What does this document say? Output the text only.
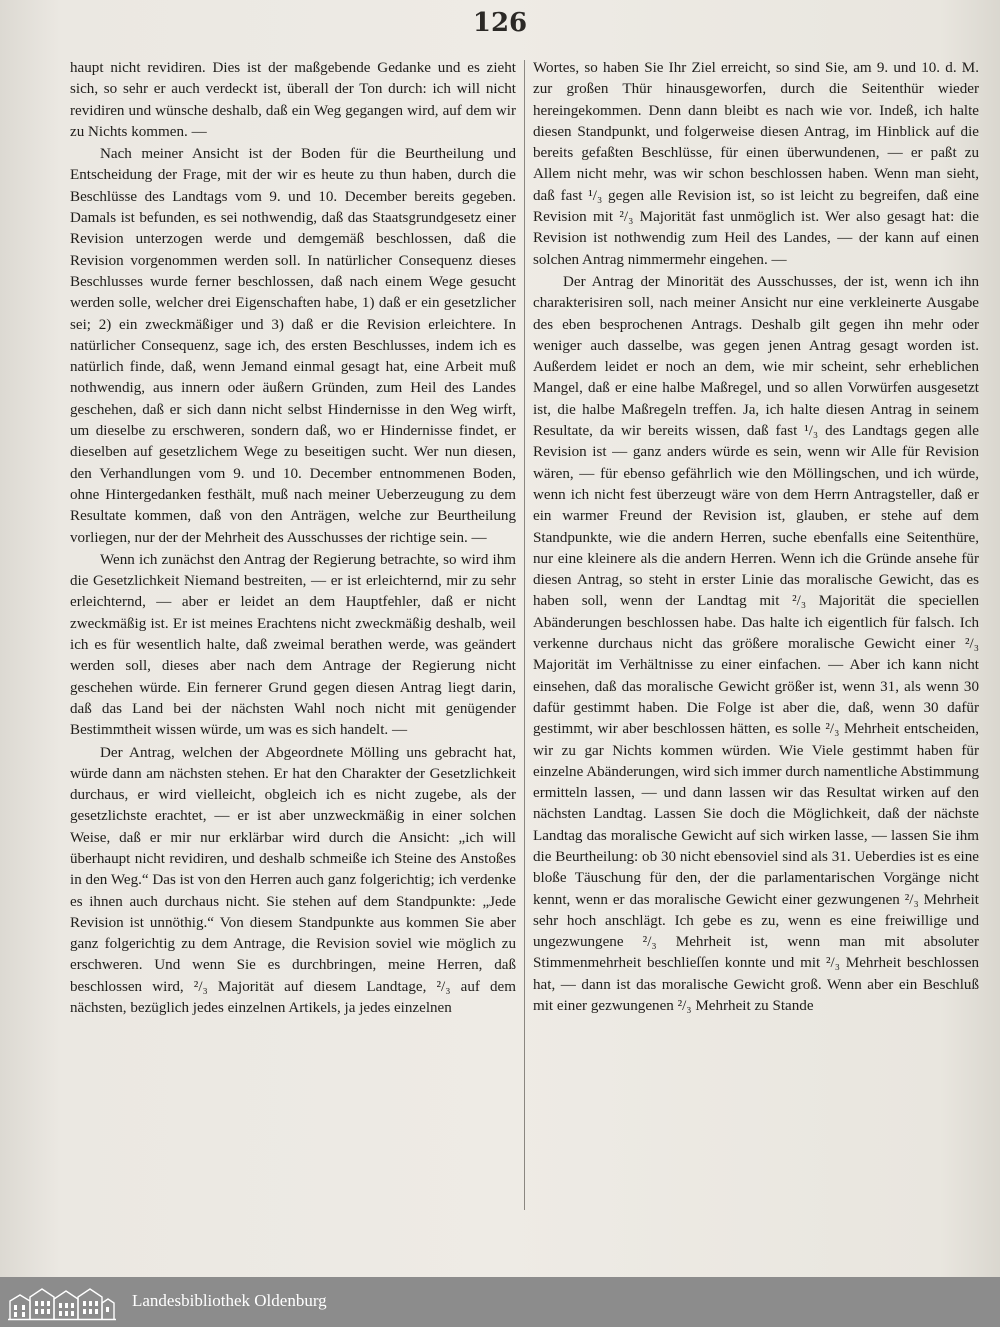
126

haupt nicht revidiren. Dies ist der maßgebende Gedanke und es zieht sich, so sehr er auch verdeckt ist, überall der Ton durch: ich will nicht revidiren und wünsche deshalb, daß ein Weg gegangen wird, auf dem wir zu Nichts kommen. —

Nach meiner Ansicht ist der Boden für die Beurtheilung und Entscheidung der Frage, mit der wir es heute zu thun haben, durch die Beschlüsse des Landtags vom 9. und 10. December bereits gegeben. Damals ist befunden, es sei nothwendig, daß das Staatsgrundgesetz einer Revision unterzogen werde und demgemäß beschlossen, daß die Revision vorgenommen werden soll. In natürlicher Consequenz dieses Beschlusses wurde ferner beschlossen, daß nach einem Wege gesucht werden solle, welcher drei Eigenschaften habe, 1) daß er ein gesetzlicher sei; 2) ein zweckmäßiger und 3) daß er die Revision erleichtere. In natürlicher Consequenz, sage ich, des ersten Beschlusses, indem ich es natürlich finde, daß, wenn Jemand einmal gesagt hat, eine Arbeit muß nothwendig, aus innern oder äußern Gründen, zum Heil des Landes geschehen, daß er sich dann nicht selbst Hindernisse in den Weg wirft, um dieselbe zu erschweren, sondern daß, wo er Hindernisse findet, er dieselben auf gesetzlichem Wege zu beseitigen sucht. Wer nun diesen, den Verhandlungen vom 9. und 10. December entnommenen Boden, ohne Hintergedanken festhält, muß nach meiner Ueberzeugung zu dem Resultate kommen, daß von den Anträgen, welche zur Beurtheilung vorliegen, nur der der Mehrheit des Ausschusses der richtige sein. —

Wenn ich zunächst den Antrag der Regierung betrachte, so wird ihm die Gesetzlichkeit Niemand bestreiten, — er ist erleichternd, mir zu sehr erleichternd, — aber er leidet an dem Hauptfehler, daß er nicht zweckmäßig ist. Er ist meines Erachtens nicht zweckmäßig deshalb, weil ich es für wesentlich halte, daß zweimal berathen werde, was geändert werden soll, dieses aber nach dem Antrage der Regierung nicht geschehen würde. Ein fernerer Grund gegen diesen Antrag liegt darin, daß das Land bei der nächsten Wahl noch nicht mit genügender Bestimmtheit wissen würde, um was es sich handelt. —

Der Antrag, welchen der Abgeordnete Mölling uns gebracht hat, würde dann am nächsten stehen. Er hat den Charakter der Gesetzlichkeit durchaus, er wird vielleicht, obgleich ich es nicht zugebe, als der gesetzlichste erachtet, — er ist aber unzweckmäßig in einer solchen Weise, daß er mir nur erklärbar wird durch die Ansicht: „ich will überhaupt nicht revidiren, und deshalb schmeiße ich Steine des Anstoßes in den Weg.“ Das ist von den Herren auch ganz folgerichtig; ich verdenke es ihnen auch durchaus nicht. Sie stehen auf dem Standpunkte: „Jede Revision ist unnöthig.“ Von diesem Standpunkte aus kommen Sie aber ganz folgerichtig zu dem Antrage, die Revision soviel wie möglich zu erschweren. Und wenn Sie es durchbringen, meine Herren, daß beschlossen wird, ²/₃ Majorität auf diesem Landtage, ²/₃ auf dem nächsten, bezüglich jedes einzelnen Artikels, ja jedes einzelnen

Wortes, so haben Sie Ihr Ziel erreicht, so sind Sie, am 9. und 10. d. M. zur großen Thür hinausgeworfen, durch die Seitenthür wieder hereingekommen. Denn dann bleibt es nach wie vor. Indeß, ich halte diesen Standpunkt, und folgerweise diesen Antrag, im Hinblick auf die bereits gefaßten Beschlüsse, für einen überwundenen, — er paßt zu Allem nicht mehr, was wir schon beschlossen haben. Wenn man sieht, daß fast ¹/₃ gegen alle Revision ist, so ist leicht zu begreifen, daß eine Revision mit ²/₃ Majorität fast unmöglich ist. Wer also gesagt hat: die Revision ist nothwendig zum Heil des Landes, — der kann auf einen solchen Antrag nimmermehr eingehen. —

Der Antrag der Minorität des Ausschusses, der ist, wenn ich ihn charakterisiren soll, nach meiner Ansicht nur eine verkleinerte Ausgabe des eben besprochenen Antrags. Deshalb gilt gegen ihn mehr oder weniger auch dasselbe, was gegen jenen Antrag gesagt worden ist. Außerdem leidet er noch an dem, wie mir scheint, sehr erheblichen Mangel, daß er eine halbe Maßregel, und so allen Vorwürfen ausgesetzt ist, die halbe Maßregeln treffen. Ja, ich halte diesen Antrag in seinem Resultate, da wir bereits wissen, daß fast ¹/₃ des Landtags gegen alle Revision ist — ganz anders würde es sein, wenn wir Alle für Revision wären, — für ebenso gefährlich wie den Möllingschen, und ich würde, wenn ich nicht fest überzeugt wäre von dem Herrn Antragsteller, daß er ein warmer Freund der Revision ist, glauben, er stehe auf dem Standpunkte, wie die andern Herren, suche ebenfalls eine Seitenthüre, nur eine kleinere als die andern Herren. Wenn ich die Gründe ansehe für diesen Antrag, so steht in erster Linie das moralische Gewicht, das es haben soll, wenn der Landtag mit ²/₃ Majorität die speciellen Abänderungen beschlossen habe. Das halte ich eigentlich für falsch. Ich verkenne durchaus nicht das größere moralische Gewicht einer ²/₃ Majorität im Verhältnisse zu einer einfachen. — Aber ich kann nicht einsehen, daß das moralische Gewicht größer ist, wenn 31, als wenn 30 dafür gestimmt haben. Die Folge ist aber die, daß, wenn 30 dafür gestimmt, wir aber beschlossen hätten, es solle ²/₃ Mehrheit entscheiden, wir zu gar Nichts kommen würden. Wie Viele gestimmt haben für einzelne Abänderungen, wird sich immer durch namentliche Abstimmung ermitteln lassen, — und dann lassen wir das Resultat wirken auf den nächsten Landtag. Lassen Sie doch die Möglichkeit, daß der nächste Landtag das moralische Gewicht auf sich wirken lasse, — lassen Sie ihm die Beurtheilung: ob 30 nicht ebensoviel sind als 31. Ueberdies ist es eine bloße Täuschung für den, der die parlamentarischen Vorgänge nicht kennt, wenn er das moralische Gewicht einer gezwungenen ²/₃ Mehrheit sehr hoch anschlägt. Ich gebe es zu, wenn es eine freiwillige und ungezwungene ²/₃ Mehrheit ist, wenn man mit absoluter Stimmenmehrheit beschlieſſen konnte und mit ²/₃ Mehrheit beschlossen hat, — dann ist das moralische Gewicht groß. Wenn aber ein Beschluß mit einer gezwungenen ²/₃ Mehrheit zu Stande

Landesbibliothek Oldenburg
